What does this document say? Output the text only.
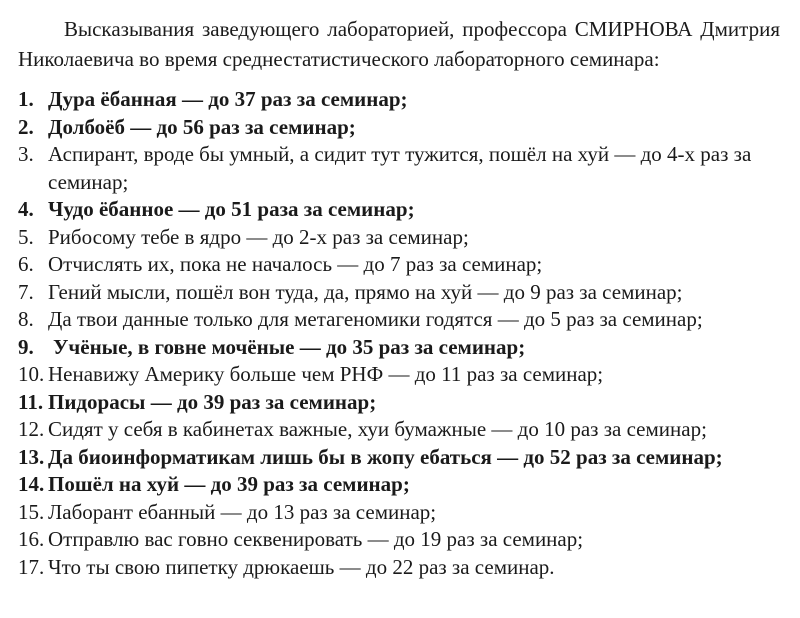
Высказывания заведующего лабораторией, профессора СМИРНОВА Дмитрия Николаевича во время среднестатистического лабораторного семинара:

1. Дура ёбанная — до 37 раз за семинар;
2. Долбоёб — до 56 раз за семинар;
3. Аспирант, вроде бы умный, а сидит тут тужится, пошёл на хуй — до 4-х раз за семинар;
4. Чудо ёбанное — до 51 раза за семинар;
5. Рибосому тебе в ядро — до 2-х раз за семинар;
6. Отчислять их, пока не началось — до 7 раз за семинар;
7. Гений мысли, пошёл вон туда, да, прямо на хуй — до 9 раз за семинар;
8. Да твои данные только для метагеномики годятся — до 5 раз за семинар;
9. Учёные, в говне мочёные — до 35 раз за семинар;
10. Ненавижу Америку больше чем РНФ — до 11 раз за семинар;
11. Пидорасы — до 39 раз за семинар;
12. Сидят у себя в кабинетах важные, хуи бумажные — до 10 раз за семинар;
13. Да биоинформатикам лишь бы в жопу ебаться — до 52 раз за семинар;
14. Пошёл на хуй — до 39 раз за семинар;
15. Лаборант ебанный — до 13 раз за семинар;
16. Отправлю вас говно секвенировать — до 19 раз за семинар;
17. Что ты свою пипетку дрюкаешь — до 22 раз за семинар.
